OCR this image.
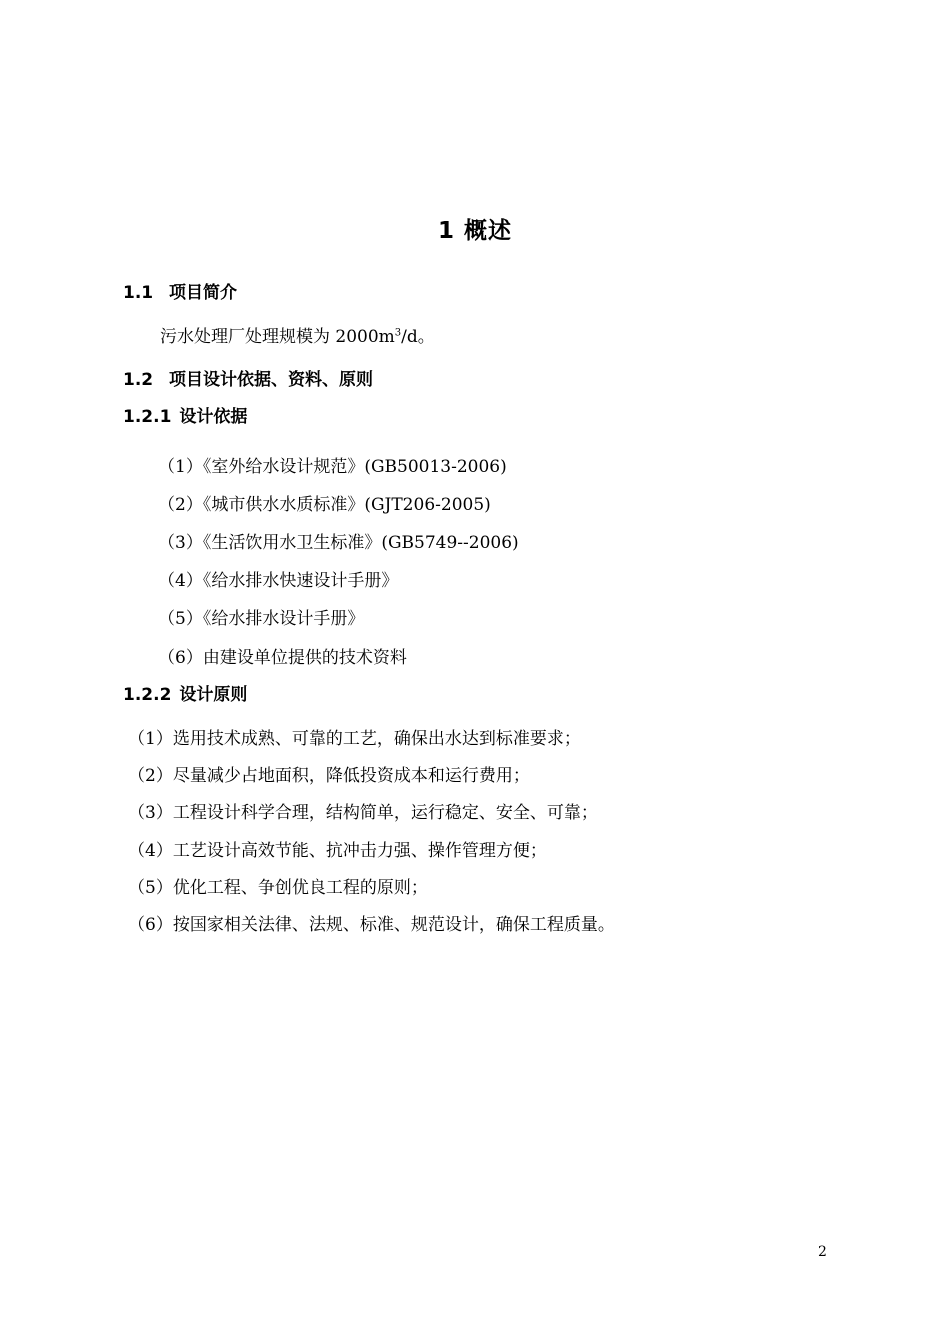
1 概述
1.1 项目简介
污水处理厂处理规模为 $2000m^3/d$。
1.2 项目设计依据、资料、原则
1.2.1 设计依据
（1）《室外给水设计规范》(GB50013-2006)
（2）《城市供水水质标准》(GJT206-2005)
（3）《生活饮用水卫生标准》(GB5749--2006)
（4）《给水排水快速设计手册》
（5）《给水排水设计手册》
（6）由建设单位提供的技术资料
1.2.2 设计原则
（1）选用技术成熟、可靠的工艺，确保出水达到标准要求；
（2）尽量减少占地面积，降低投资成本和运行费用；
（3）工程设计科学合理，结构简单，运行稳定、安全、可靠；
（4）工艺设计高效节能、抗冲击力强、操作管理方便；
（5）优化工程、争创优良工程的原则；
（6）按国家相关法律、法规、标准、规范设计，确保工程质量。
2
